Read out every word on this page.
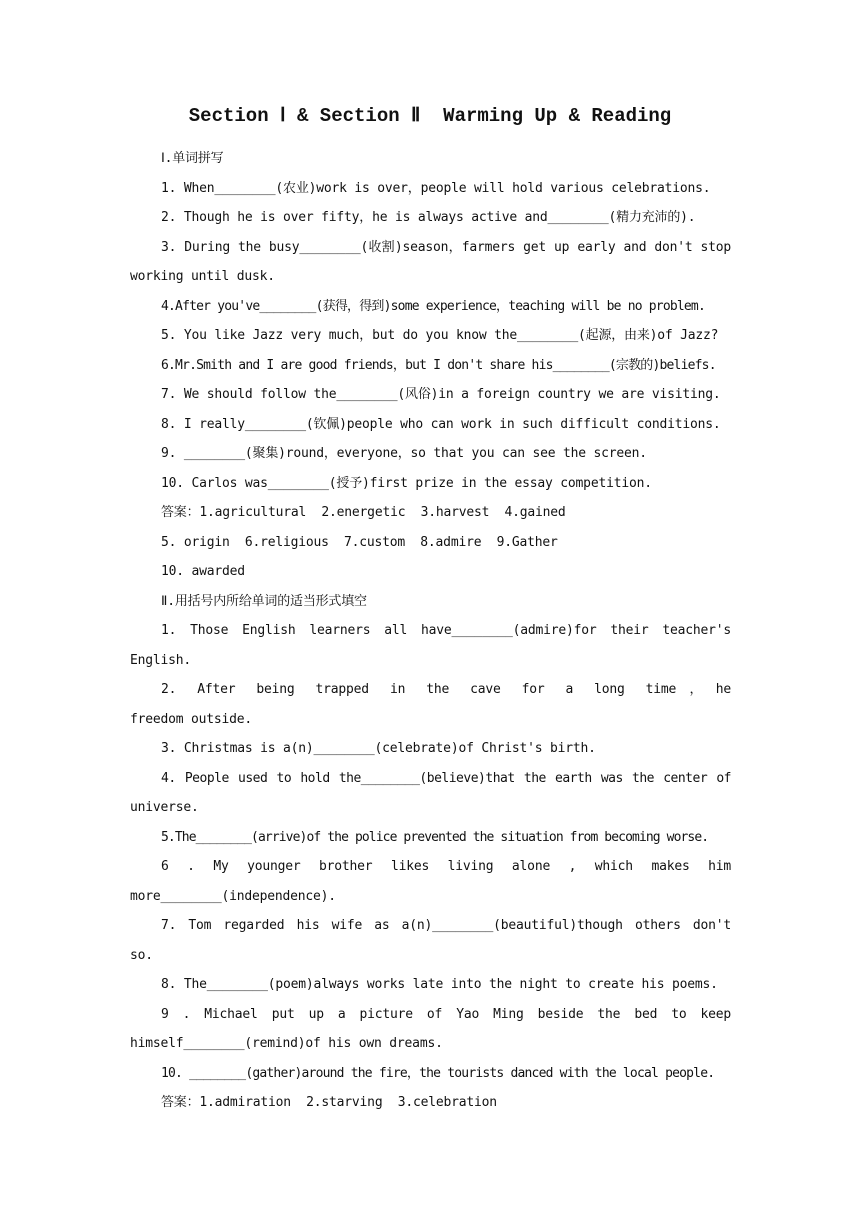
Section Ⅰ & Section Ⅱ  Warming Up & Reading
Ⅰ.单词拼写
1. When________(农业)work is over，people will hold various celebrations.
2. Though he is over fifty，he is always active and________(精力充沛的).
3. During the busy________(收割)season，farmers get up early and don't stop
working until dusk.
4.After you've________(获得，得到)some experience，teaching will be no problem.
5. You like Jazz very much，but do you know the________(起源，由来)of Jazz?
6.Mr.Smith and I are good friends，but I don't share his________(宗教的)beliefs.
7. We should follow the________(风俗)in a foreign country we are visiting.
8. I really________(钦佩)people who can work in such difficult conditions.
9. ________(聚集)round，everyone，so that you can see the screen.
10. Carlos was________(授予)first prize in the essay competition.
答案：1.agricultural  2.energetic  3.harvest  4.gained
5. origin  6.religious  7.custom  8.admire  9.Gather
10. awarded
Ⅱ.用括号内所给单词的适当形式填空
1. Those English learners all have________(admire)for their teacher's
English.
2. After being trapped in the cave for a long time，he
freedom outside.
3. Christmas is a(n)________(celebrate)of Christ's birth.
4. People used to hold the________(believe)that the earth was the center of
universe.
5.The________(arrive)of the police prevented the situation from becoming worse.
6 . My younger brother likes living alone , which makes him
more________(independence).
7. Tom regarded his wife as a(n)________(beautiful)though others don't
so.
8. The________(poem)always works late into the night to create his poems.
9 . Michael put up a picture of Yao Ming beside the bed to keep
himself________(remind)of his own dreams.
10. ________(gather)around the fire，the tourists danced with the local people.
答案：1.admiration  2.starving  3.celebration
